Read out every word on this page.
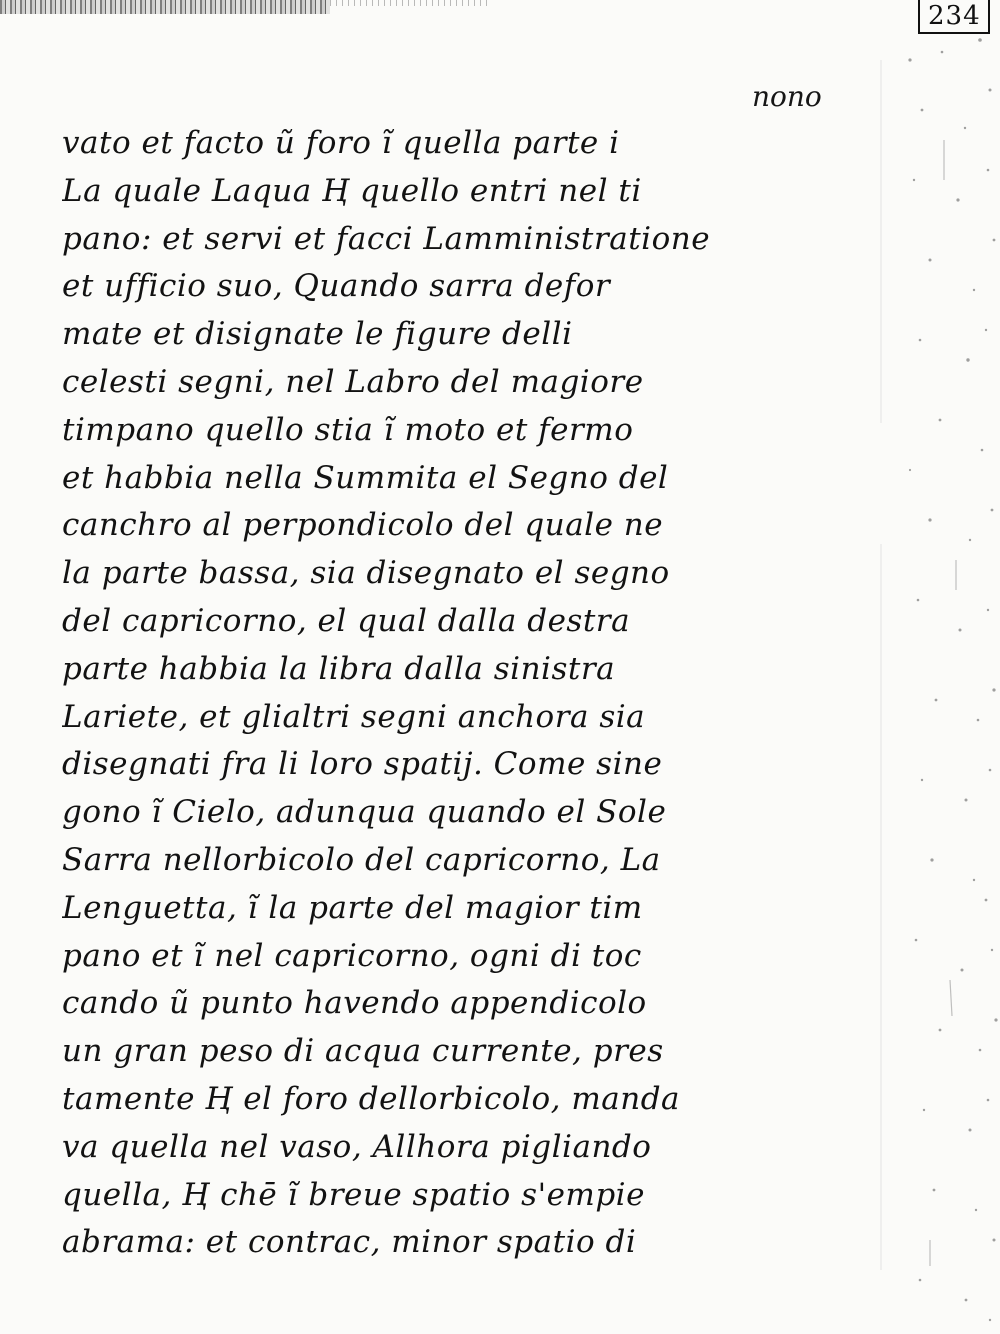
234
nono
vato et facto ũ foro ĩ quella parte i
La quale Laqua Ⱨ quello entri nel ti
pano: et servi et facci Lamministratione
et ufficio suo, Quando sarra defor
mate et disignate le figure delli
celesti segni, nel Labro del magiore
timpano quello stia ĩ moto et fermo
et habbia nella Summita el Segno del
canchro al perpondicolo del quale ne
la parte bassa, sia disegnato el segno
del capricorno, el qual dalla destra
parte habbia la libra dalla sinistra
Lariete, et glialtri segni anchora sia
disegnati fra li loro spatij. Come sine
gono ĩ Cielo, adunqua quando el Sole
Sarra nellorbicolo del capricorno, La
Lenguetta, ĩ la parte del magior tim
pano et ĩ nel capricorno, ogni di toc
cando ũ punto havendo appendicolo
un gran peso di acqua currente, pres
tamente Ⱨ el foro dellorbicolo, manda
va quella nel vaso, Allhora pigliando
quella, Ⱨ chē ĩ breue spatio s'empie
abrama: et contrac, minor spatio di
